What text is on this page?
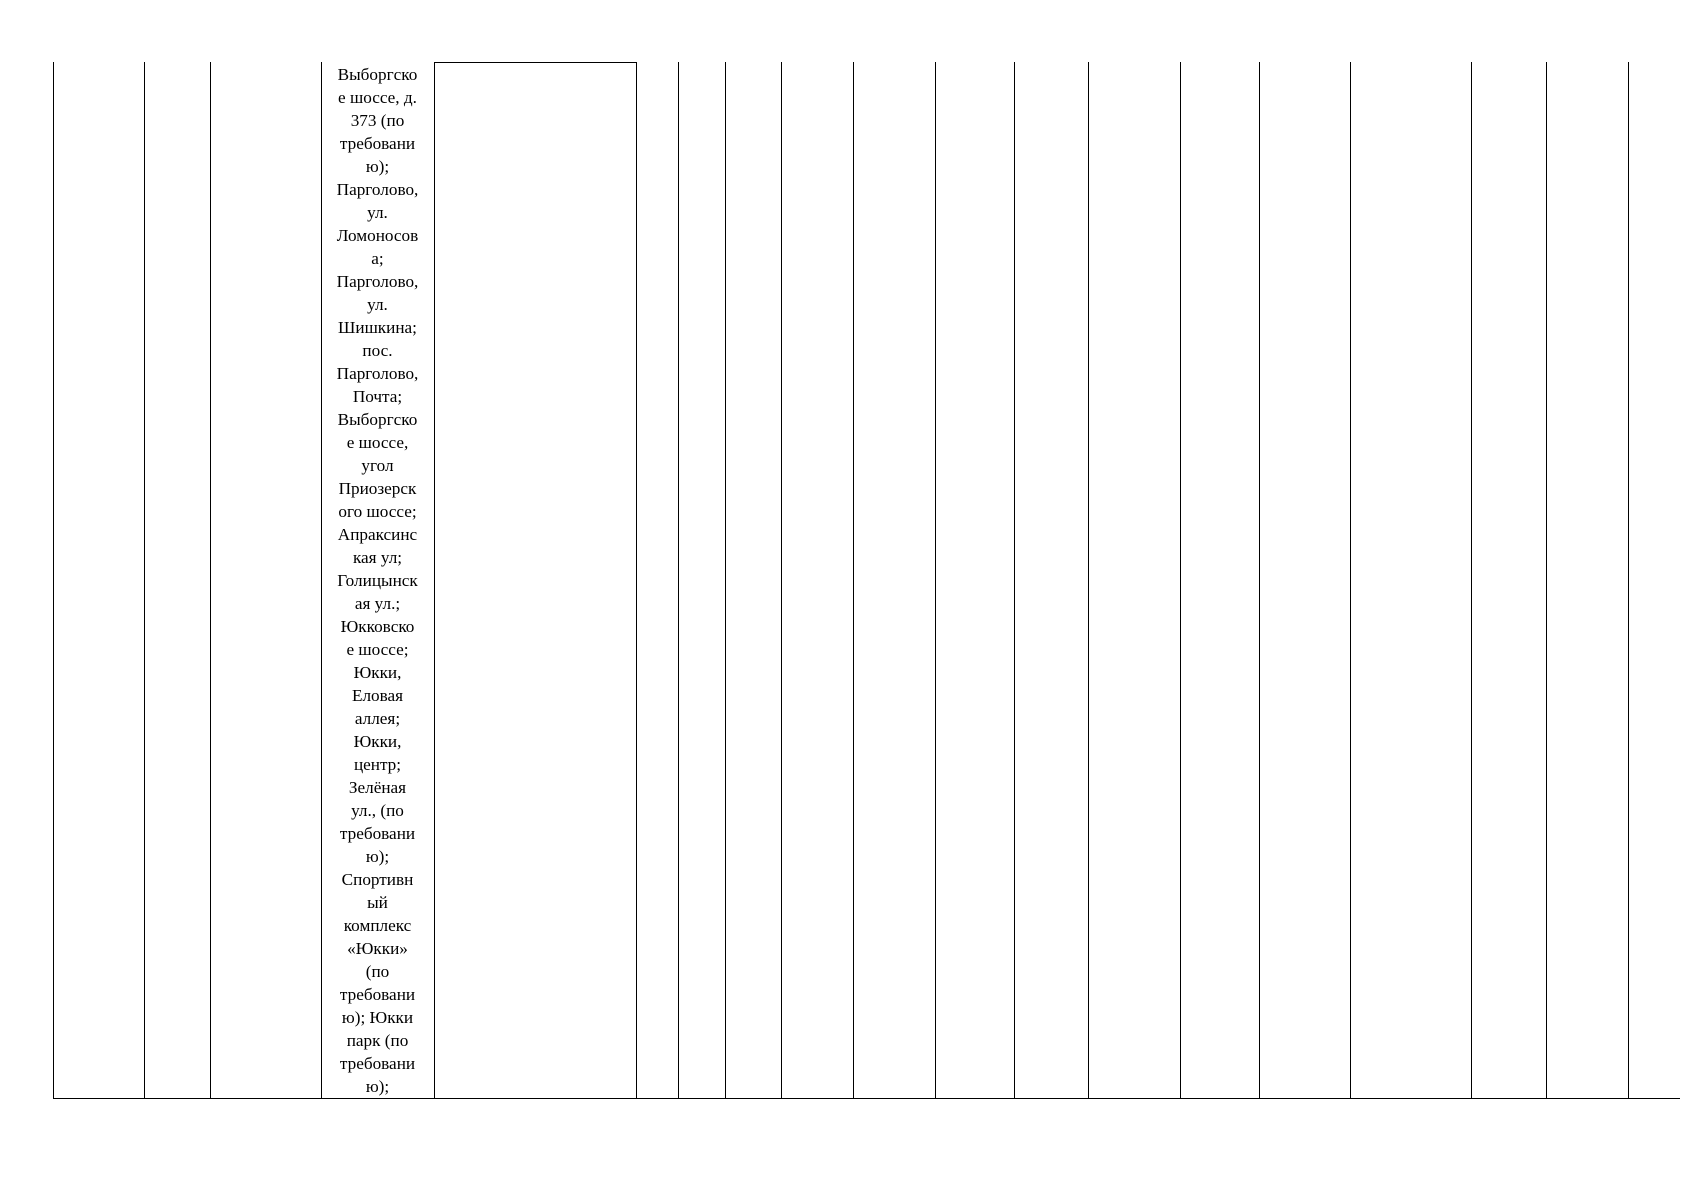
Выборгско
е шоссе, д.
373 (по
требовани
ю);
Парголово,
ул.
Ломоносов
а;
Парголово,
ул.
Шишкина;
пос.
Парголово,
Почта;
Выборгско
е шоссе,
угол
Приозерск
ого шоссе;
Апраксинс
кая ул;
Голицынск
ая ул.;
Юкковско
е шоссе;
Юкки,
Еловая
аллея;
Юкки,
центр;
Зелёная
ул., (по
требовани
ю);
Спортивн
ый
комплекс
«Юкки»
(по
требовани
ю); Юкки
парк (по
требовани
ю);
